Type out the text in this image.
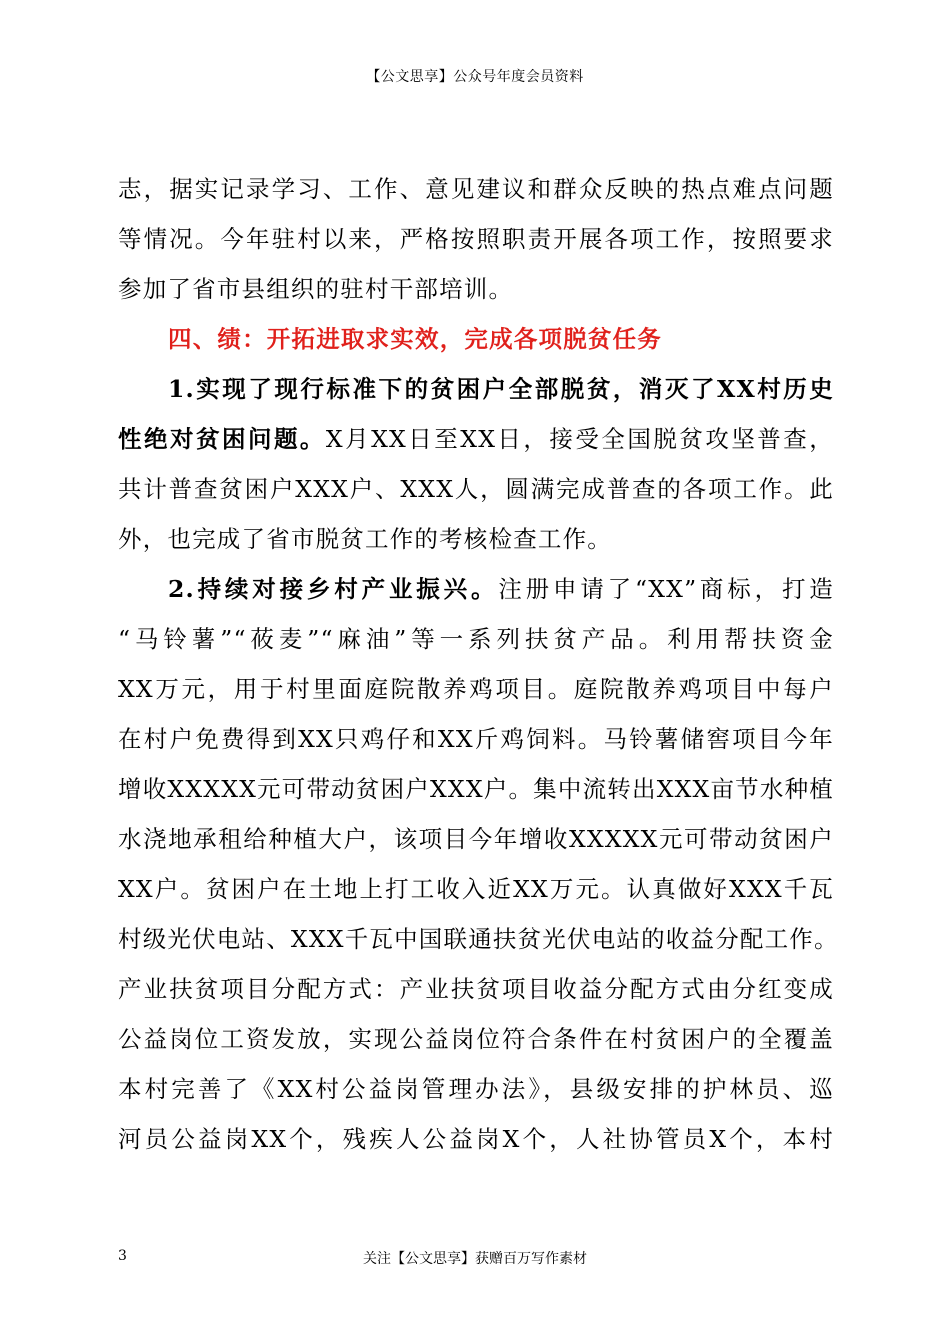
【公文思享】公众号年度会员资料
志，据实记录学习、工作、意见建议和群众反映的热点难点问题
等情况。今年驻村以来，严格按照职责开展各项工作，按照要求
参加了省市县组织的驻村干部培训。
四、绩：开拓进取求实效，完成各项脱贫任务
1.实现了现行标准下的贫困户全部脱贫，消灭了XX村历史
性绝对贫困问题。X月XX日至XX日，接受全国脱贫攻坚普查，
共计普查贫困户XXX户、XXX人，圆满完成普查的各项工作。此
外，也完成了省市脱贫工作的考核检查工作。
2.持续对接乡村产业振兴。注册申请了“XX”商标，打造
“马铃薯”“莜麦”“麻油”等一系列扶贫产品。利用帮扶资金
XX万元，用于村里面庭院散养鸡项目。庭院散养鸡项目中每户
在村户免费得到XX只鸡仔和XX斤鸡饲料。马铃薯储窖项目今年
增收XXXXX元可带动贫困户XXX户。集中流转出XXX亩节水种植
水浇地承租给种植大户，该项目今年增收XXXXX元可带动贫困户
XX户。贫困户在土地上打工收入近XX万元。认真做好XXX千瓦
村级光伏电站、XXX千瓦中国联通扶贫光伏电站的收益分配工作。
产业扶贫项目分配方式：产业扶贫项目收益分配方式由分红变成
公益岗位工资发放，实现公益岗位符合条件在村贫困户的全覆盖
本村完善了《XX村公益岗管理办法》，县级安排的护林员、巡
河员公益岗XX个，残疾人公益岗X个，人社协管员X个，本村
3	关注【公文思享】获赠百万写作素材
